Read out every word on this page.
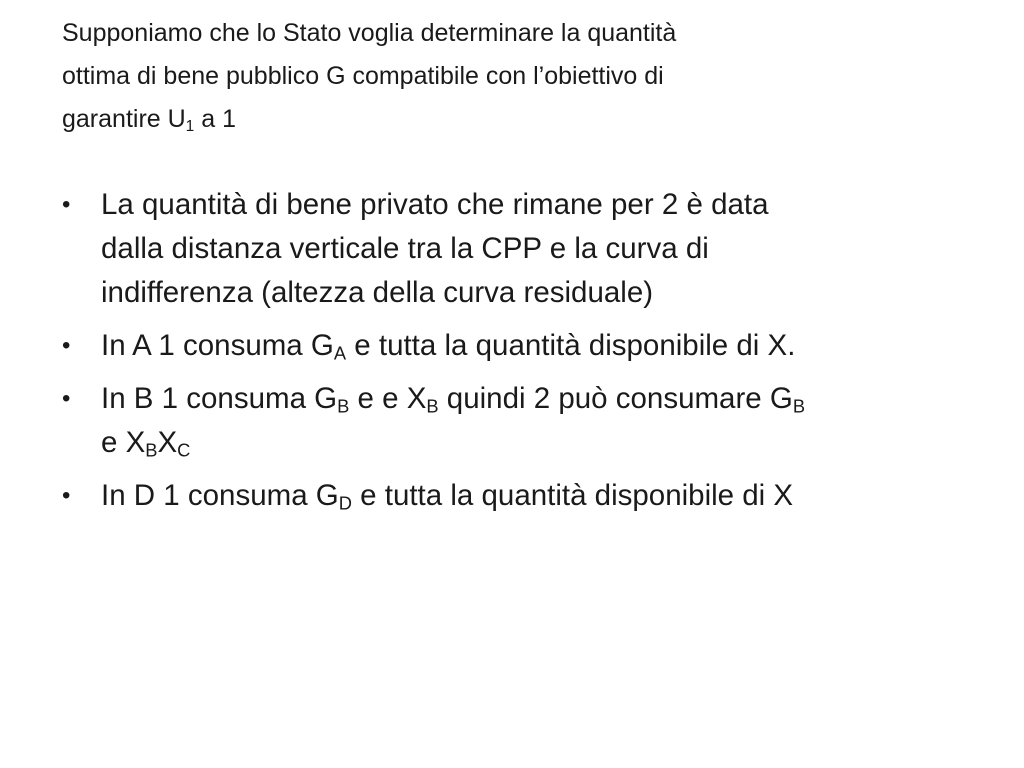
Supponiamo che lo Stato voglia determinare la quantità
ottima di bene pubblico G compatibile con l’obiettivo di
garantire $U_1$ a 1
• La quantità di bene privato che rimane per 2 è data
dalla distanza verticale tra la CPP e la curva di
indifferenza (altezza della curva residuale)
• In A 1 consuma $G_A$ e tutta la quantità disponibile di X.
• In B 1 consuma $G_B$ e e $X_B$ quindi 2 può consumare $G_B$
e $X_BX_C$
• In D 1 consuma $G_D$ e tutta la quantità disponibile di X
